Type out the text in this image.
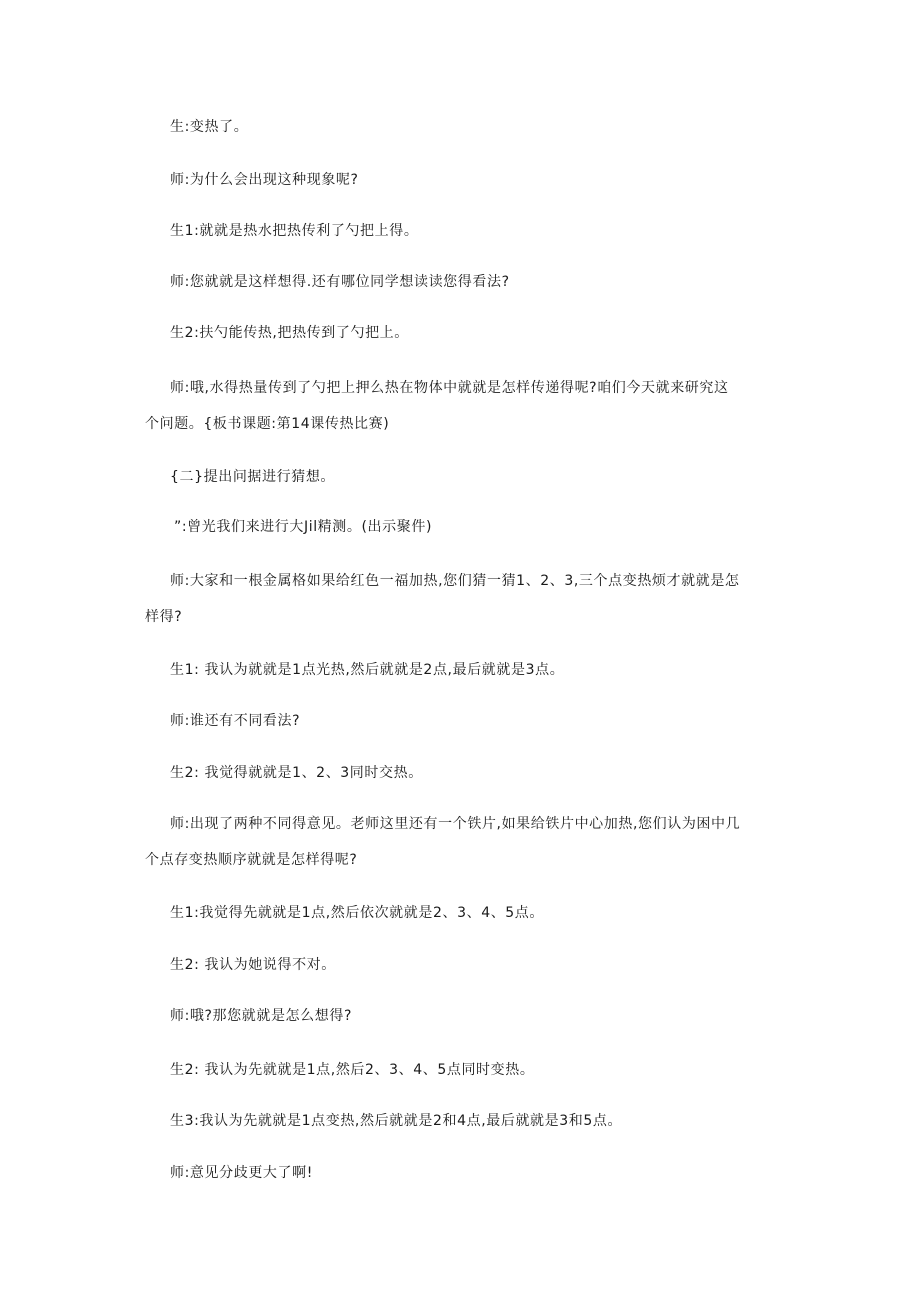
生:变热了。
师:为什么会出现这种现象呢?
生1:就就是热水把热传利了勺把上得。
师:您就就是这样想得.还有哪位同学想读读您得看法?
生2:扶勺能传热,把热传到了勺把上。
师:哦,水得热量传到了勺把上押么热在物体中就就是怎样传递得呢?咱们今天就来研究这
个问题。{板书课题:第14课传热比赛)
{二}提出问据进行猜想。
”:曾光我们来进行大Jil精测。(出示聚件)
师:大家和一根金属格如果给红色一福加热,您们猜一猜1、2、3,三个点变热烦才就就是怎
样得?
生1: 我认为就就是1点光热,然后就就是2点,最后就就是3点。
师:谁还有不同看法?
生2: 我觉得就就是1、2、3同时交热。
师:出现了两种不同得意见。老师这里还有一个铁片,如果给铁片中心加热,您们认为困中几
个点存变热顺序就就是怎样得呢?
生1:我觉得先就就是1点,然后依次就就是2、3、4、5点。
生2: 我认为她说得不对。
师:哦?那您就就是怎么想得?
生2: 我认为先就就是1点,然后2、3、4、5点同时变热。
生3:我认为先就就是1点变热,然后就就是2和4点,最后就就是3和5点。
师:意见分歧更大了啊!
